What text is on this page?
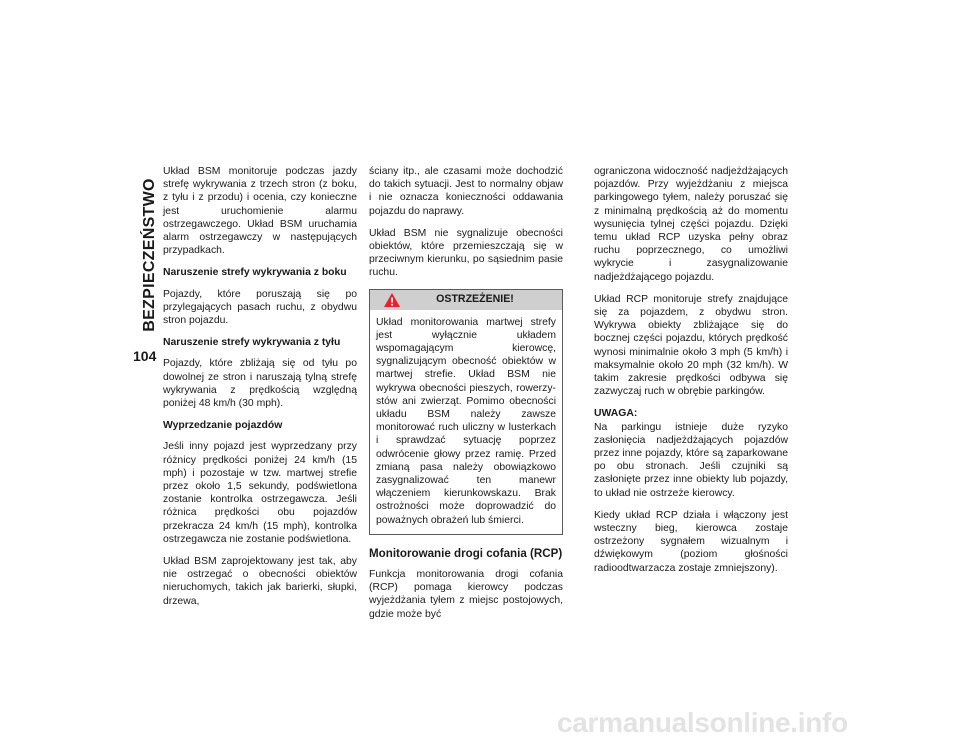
BEZPIECZEŃSTWO
104

Układ BSM monitoruje podczas jazdy strefę wykrywania z trzech stron (z boku, z tyłu i z przodu) i ocenia, czy konieczne jest uruchomienie alarmu ostrzegawczego. Układ BSM uruchamia alarm ostrzegawczy w następujących przypadkach.

Naruszenie strefy wykrywania z boku

Pojazdy, które poruszają się po przylegających pasach ruchu, z obydwu stron pojazdu.

Naruszenie strefy wykrywania z tyłu

Pojazdy, które zbliżają się od tyłu po dowolnej ze stron i naruszają tylną strefę wykrywania z prędkością względną poniżej 48 km/h (30 mph).

Wyprzedzanie pojazdów

Jeśli inny pojazd jest wyprzedzany przy różnicy prędkości poniżej 24 km/h (15 mph) i pozostaje w tzw. martwej strefie przez około 1,5 sekundy, podświetlona zostanie kontrolka ostrzegawcza. Jeśli różnica prędkości obu pojazdów przekracza 24 km/h (15 mph), kontrolka ostrzegawcza nie zostanie podświetlona.

Układ BSM zaprojektowany jest tak, aby nie ostrzegać o obecności obiektów nieruchomych, takich jak barierki, słupki, drzewa,

ściany itp., ale czasami może dochodzić do takich sytuacji. Jest to normalny objaw i nie oznacza konieczności oddawania pojazdu do naprawy.

Układ BSM nie sygnalizuje obecności obiektów, które przemieszczają się w przeciwnym kierunku, po sąsiednim pasie ruchu.

OSTRZEŻENIE!
Układ monitorowania martwej strefy jest wyłącznie układem wspomagającym kierowcę, sygnalizującym obecność obiektów w martwej strefie. Układ BSM nie wykrywa obecności pieszych, rowerzystów ani zwierząt. Pomimo obecności układu BSM należy zawsze monitorować ruch uliczny w lusterkach i sprawdzać sytuację poprzez odwrócenie głowy przez ramię. Przed zmianą pasa należy obowiązkowo zasygnalizować ten manewr włączeniem kierunkowskazu. Brak ostrożności może doprowadzić do poważnych obrażeń lub śmierci.
Monitorowanie drogi cofania (RCP)

Funkcja monitorowania drogi cofania (RCP) pomaga kierowcy podczas wyjeżdżania tyłem z miejsc postojowych, gdzie może być

ograniczona widoczność nadjeżdżających pojazdów. Przy wyjeżdżaniu z miejsca parkingowego tyłem, należy poruszać się z minimalną prędkością aż do momentu wysunięcia tylnej części pojazdu. Dzięki temu układ RCP uzyska pełny obraz ruchu poprzecznego, co umożliwi wykrycie i zasygnalizowanie nadjeżdżającego pojazdu.

Układ RCP monitoruje strefy znajdujące się za pojazdem, z obydwu stron. Wykrywa obiekty zbliżające się do bocznej części pojazdu, których prędkość wynosi minimalnie około 3 mph (5 km/h) i maksymalnie około 20 mph (32 km/h). W takim zakresie prędkości odbywa się zazwyczaj ruch w obrębie parkingów.

UWAGA:
Na parkingu istnieje duże ryzyko zasłonięcia nadjeżdżających pojazdów przez inne pojazdy, które są zaparkowane po obu stronach. Jeśli czujniki są zasłonięte przez inne obiekty lub pojazdy, to układ nie ostrzeże kierowcy.

Kiedy układ RCP działa i włączony jest wsteczny bieg, kierowca zostaje ostrzeżony sygnałem wizualnym i dźwiękowym (poziom głośności radioodtwarzacza zostaje zmniejszony).

carmanualsonline.info
